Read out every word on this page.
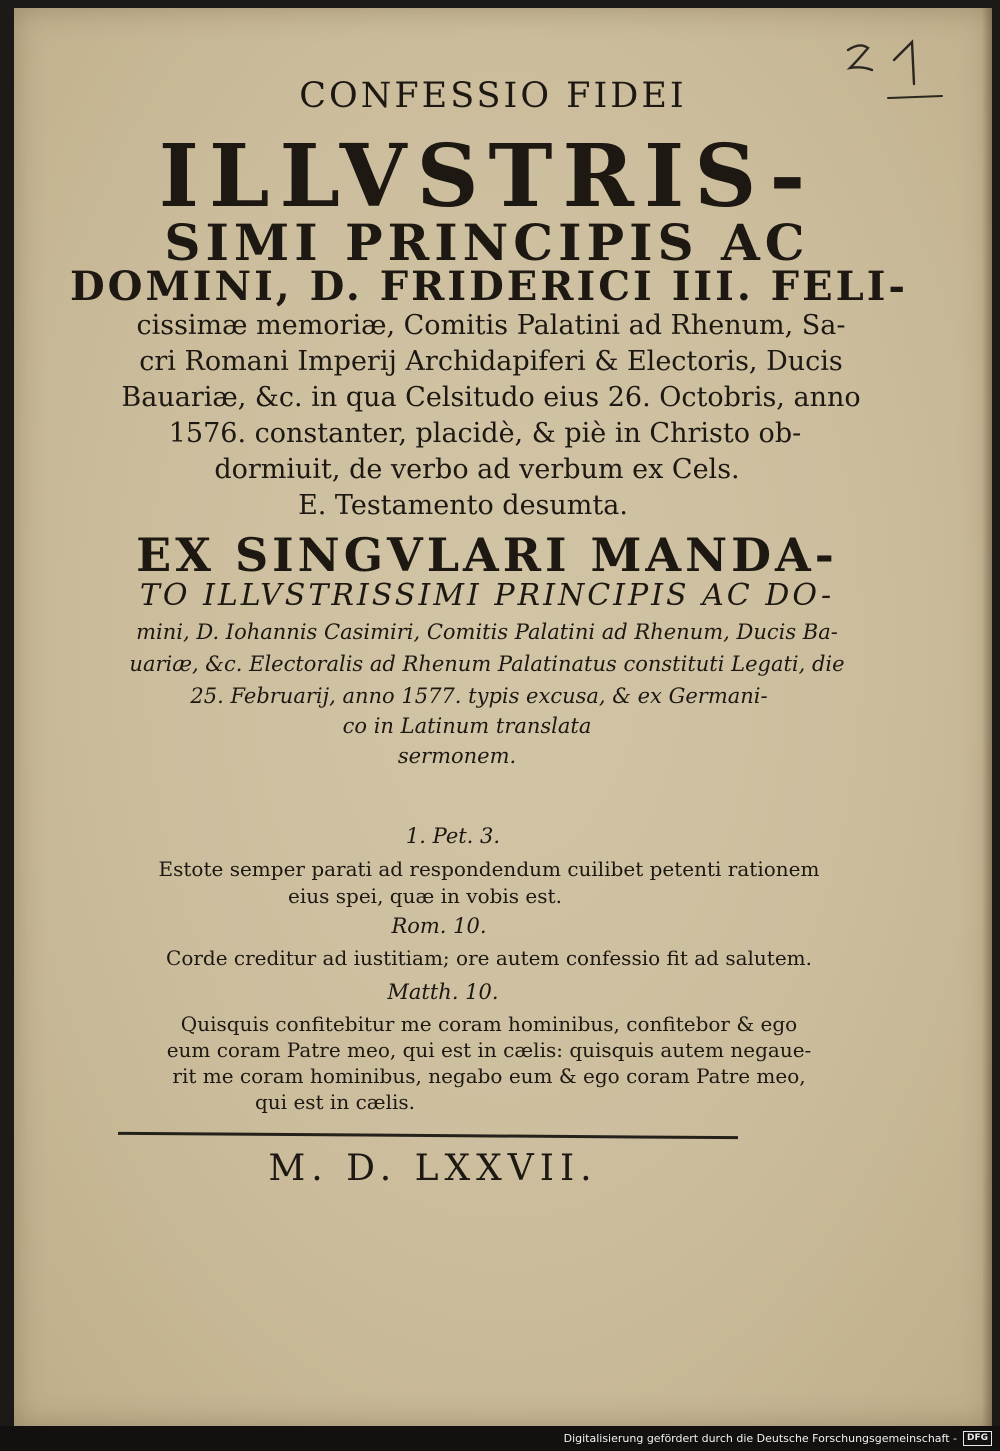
CONFESSIO FIDEI

ILLVSTRIS-

SIMI PRINCIPIS AC

DOMINI, D. FRIDERICI III. FELI-

cissimæ memoriæ, Comitis Palatini ad Rhenum, Sa-

cri Romani Imperij Archidapiferi & Electoris, Ducis

Bauariæ, &c. in qua Celsitudo eius 26. Octobris, anno

1576. constanter, placidè, & piè in Christo ob-

dormiuit, de verbo ad verbum ex Cels.

E. Testamento desumta.

EX SINGVLARI MANDA-

TO ILLVSTRISSIMI PRINCIPIS AC DO-

mini, D. Iohannis Casimiri, Comitis Palatini ad Rhenum, Ducis Ba-

uariæ, &c. Electoralis ad Rhenum Palatinatus constituti Legati, die

25. Februarij, anno 1577. typis excusa, & ex Germani-

co in Latinum translata

sermonem.

1. Pet. 3.

Estote semper parati ad respondendum cuilibet petenti rationem

eius spei, quæ in vobis est.

Rom. 10.

Corde creditur ad iustitiam; ore autem confessio fit ad salutem.

Matth. 10.

Quisquis confitebitur me coram hominibus, confitebor & ego

eum coram Patre meo, qui est in cælis: quisquis autem negaue-

rit me coram hominibus, negabo eum & ego coram Patre meo,

qui est in cælis.

M. D. LXXVII.

Digitalisierung gefördert durch die Deutsche Forschungsgemeinschaft -	DFG
